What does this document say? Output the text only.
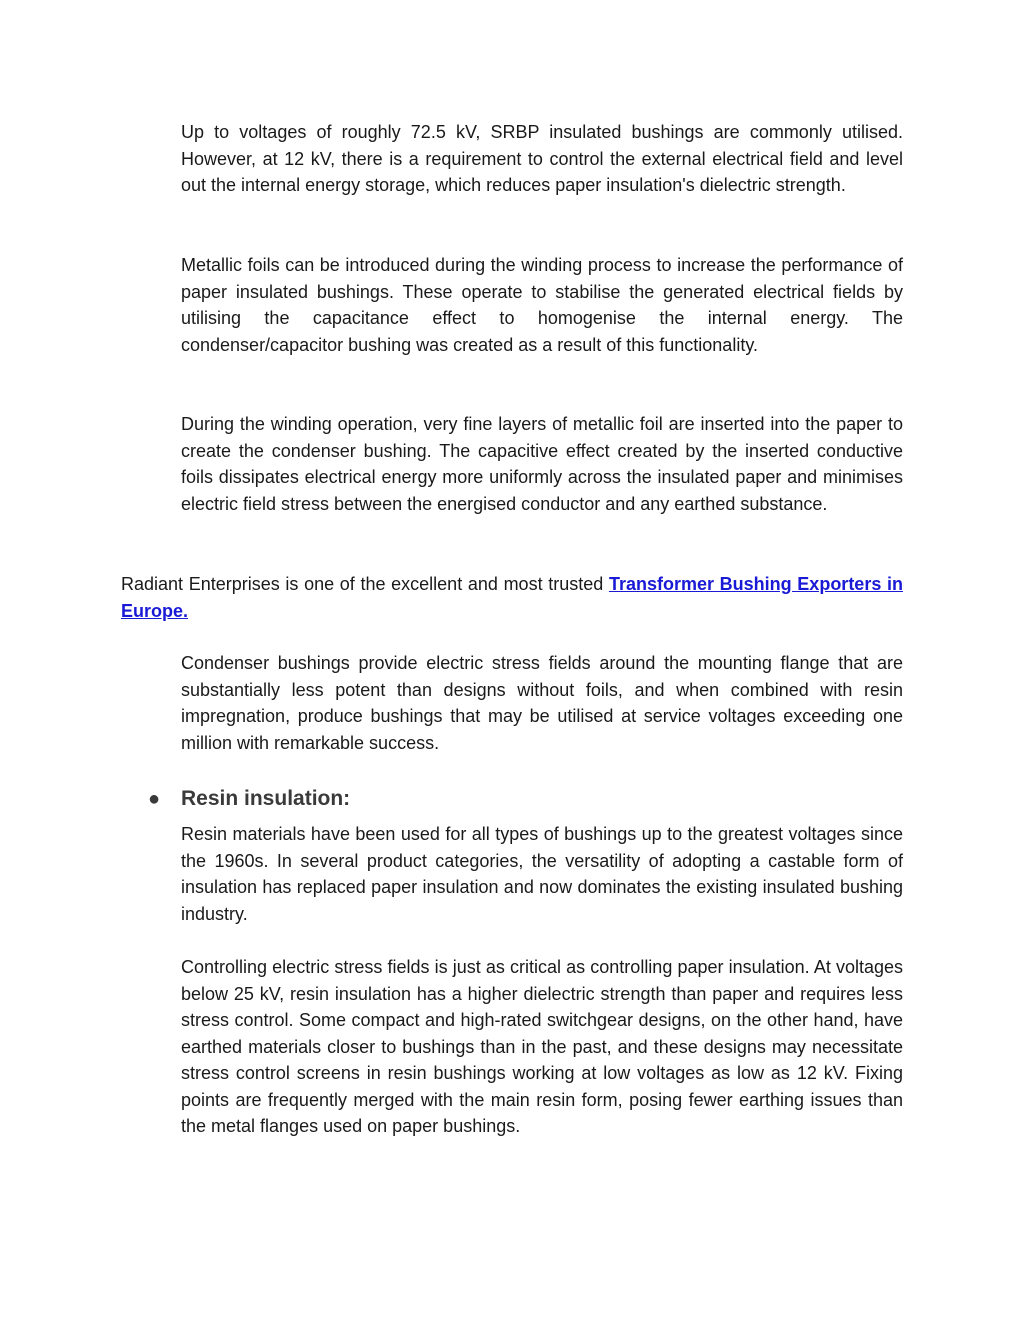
Up to voltages of roughly 72.5 kV, SRBP insulated bushings are commonly utilised. However, at 12 kV, there is a requirement to control the external electrical field and level out the internal energy storage, which reduces paper insulation's dielectric strength.

Metallic foils can be introduced during the winding process to increase the performance of paper insulated bushings. These operate to stabilise the generated electrical fields by utilising the capacitance effect to homogenise the internal energy. The condenser/capacitor bushing was created as a result of this functionality.

During the winding operation, very fine layers of metallic foil are inserted into the paper to create the condenser bushing. The capacitive effect created by the inserted conductive foils dissipates electrical energy more uniformly across the insulated paper and minimises electric field stress between the energised conductor and any earthed substance.

Radiant Enterprises is one of the excellent and most trusted Transformer Bushing Exporters in Europe.

Condenser bushings provide electric stress fields around the mounting flange that are substantially less potent than designs without foils, and when combined with resin impregnation, produce bushings that may be utilised at service voltages exceeding one million with remarkable success.

● Resin insulation:

Resin materials have been used for all types of bushings up to the greatest voltages since the 1960s. In several product categories, the versatility of adopting a castable form of insulation has replaced paper insulation and now dominates the existing insulated bushing industry.

Controlling electric stress fields is just as critical as controlling paper insulation. At voltages below 25 kV, resin insulation has a higher dielectric strength than paper and requires less stress control. Some compact and high-rated switchgear designs, on the other hand, have earthed materials closer to bushings than in the past, and these designs may necessitate stress control screens in resin bushings working at low voltages as low as 12 kV. Fixing points are frequently merged with the main resin form, posing fewer earthing issues than the metal flanges used on paper bushings.
